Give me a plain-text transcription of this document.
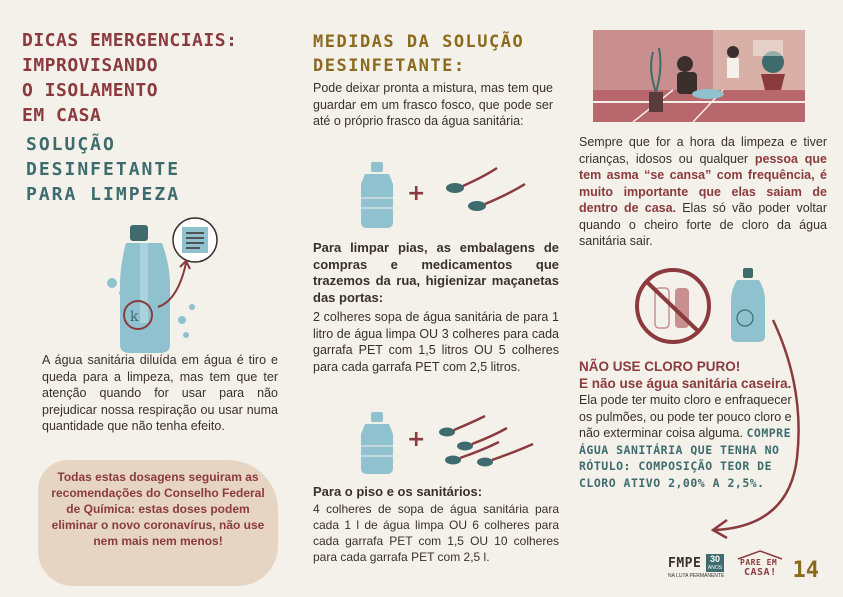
DICAS EMERGENCIAIS:
IMPROVISANDO
O ISOLAMENTO
EM CASA
SOLUÇÃO
DESINFETANTE
PARA LIMPEZA
k

A água sanitária diluída em água é tiro e queda para a limpeza, mas tem que ter atenção quando for usar para não prejudicar nossa respiração ou usar numa quantidade que não tenha efeito.

Todas estas dosagens seguiram as recomendações do Conselho Federal de Química: estas doses podem eliminar o novo coronavírus, não use nem mais nem menos!
MEDIDAS DA SOLUÇÃO
DESINFETANTE:

Pode deixar pronta a mistura, mas tem que guardar em um frasco fosco, que pode ser até o próprio frasco da água sanitária:

+

Para limpar pias, as embalagens de compras e medicamentos que trazemos da rua, higienizar maçanetas das portas:

2 colheres sopa de água sanitária de para 1 litro de água limpa OU 3 colheres para cada garrafa PET com 1,5 litros OU 5 colheres para cada garrafa PET com 2,5 litros.

+

Para o piso e os sanitários:

4 colheres de sopa de água sanitária para cada 1 l de água limpa OU 6 colheres para cada garrafa PET com 1,5 OU 10 colheres para cada garrafa PET com 2,5 l.

Sempre que for a hora da limpeza e tiver crianças, idosos ou qualquer pessoa que tem asma “se cansa” com frequência, é muito importante que elas saiam de dentro de casa. Elas só vão poder voltar quando o cheiro forte de cloro da água sanitária sair.

NÃO USE CLORO PURO!
E não use água sanitária caseira. Ela pode ter muito cloro e enfraquecer os pulmões, ou pode ter pouco cloro e não exterminar coisa alguma. COMPRE ÁGUA SANITÁRIA QUE TENHA NO RÓTULO: COMPOSIÇÃO TEOR DE CLORO ATIVO 2,00% A 2,5%.
FMPE 30
ANOS
NA LUTA PERMANENTE
PARE EM
CASA! 14
